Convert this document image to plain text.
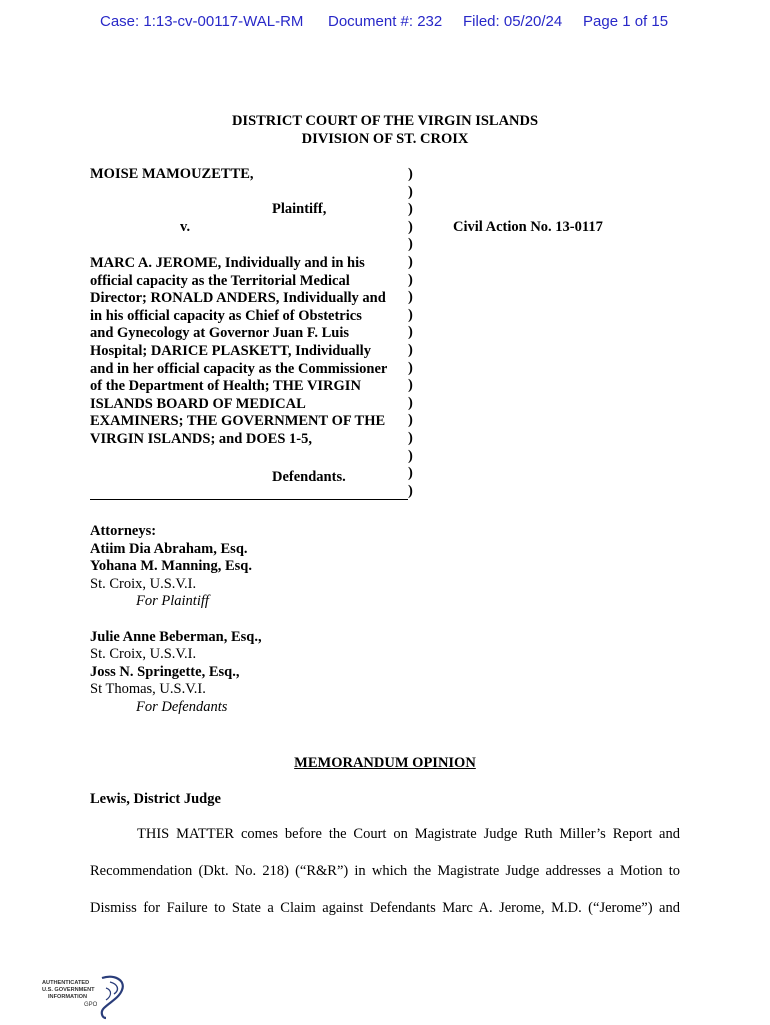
Case: 1:13-cv-00117-WAL-RM Document #: 232 Filed: 05/20/24 Page 1 of 15
DISTRICT COURT OF THE VIRGIN ISLANDS
DIVISION OF ST. CROIX
MOISE MAMOUZETTE,
Plaintiff,
v.
MARC A. JEROME, Individually and in his
official capacity as the Territorial Medical
Director; RONALD ANDERS, Individually and
in his official capacity as Chief of Obstetrics
and Gynecology at Governor Juan F. Luis
Hospital; DARICE PLASKETT, Individually
and in her official capacity as the Commissioner
of the Department of Health; THE VIRGIN
ISLANDS BOARD OF MEDICAL
EXAMINERS; THE GOVERNMENT OF THE
VIRGIN ISLANDS; and DOES 1-5,
Defendants.
)
)
)
)
)
)
)
)
)
)
)
)
)
)
)
)
)
)
)
Civil Action No. 13-0117
Attorneys:
Atiim Dia Abraham, Esq.
Yohana M. Manning, Esq.
St. Croix, U.S.V.I.
For Plaintiff
Julie Anne Beberman, Esq.,
St. Croix, U.S.V.I.
Joss N. Springette, Esq.,
St Thomas, U.S.V.I.
For Defendants
MEMORANDUM OPINION
Lewis, District Judge
THIS MATTER comes before the Court on Magistrate Judge Ruth Miller’s Report and
Recommendation (Dkt. No. 218) (“R&R”) in which the Magistrate Judge addresses a Motion to
Dismiss for Failure to State a Claim against Defendants Marc A. Jerome, M.D. (“Jerome”) and
AUTHENTICATED
U.S. GOVERNMENT
INFORMATION
GPO
